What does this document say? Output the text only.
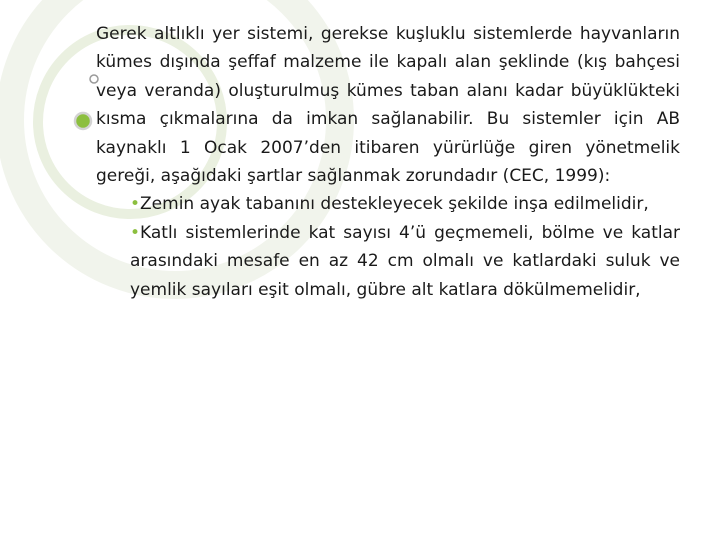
Gerek altlıklı yer sistemi, gerekse kuşluklu sistemlerde hayvanların kümes dışında şeffaf malzeme ile kapalı alan şeklinde (kış bahçesi veya veranda) oluşturulmuş kümes taban alanı kadar büyüklükteki kısma çıkmalarına da imkan sağlanabilir. Bu sistemler için AB kaynaklı 1 Ocak 2007’den itibaren yürürlüğe giren yönetmelik gereği, aşağıdaki şartlar sağlanmak zorundadır (CEC, 1999):

•Zemin ayak tabanını destekleyecek şekilde inşa edilmelidir,
•Katlı sistemlerinde kat sayısı 4’ü geçmemeli, bölme ve katlar arasındaki mesafe en az 42 cm olmalı ve katlardaki suluk ve yemlik sayıları eşit olmalı, gübre alt katlara dökülmemelidir,
